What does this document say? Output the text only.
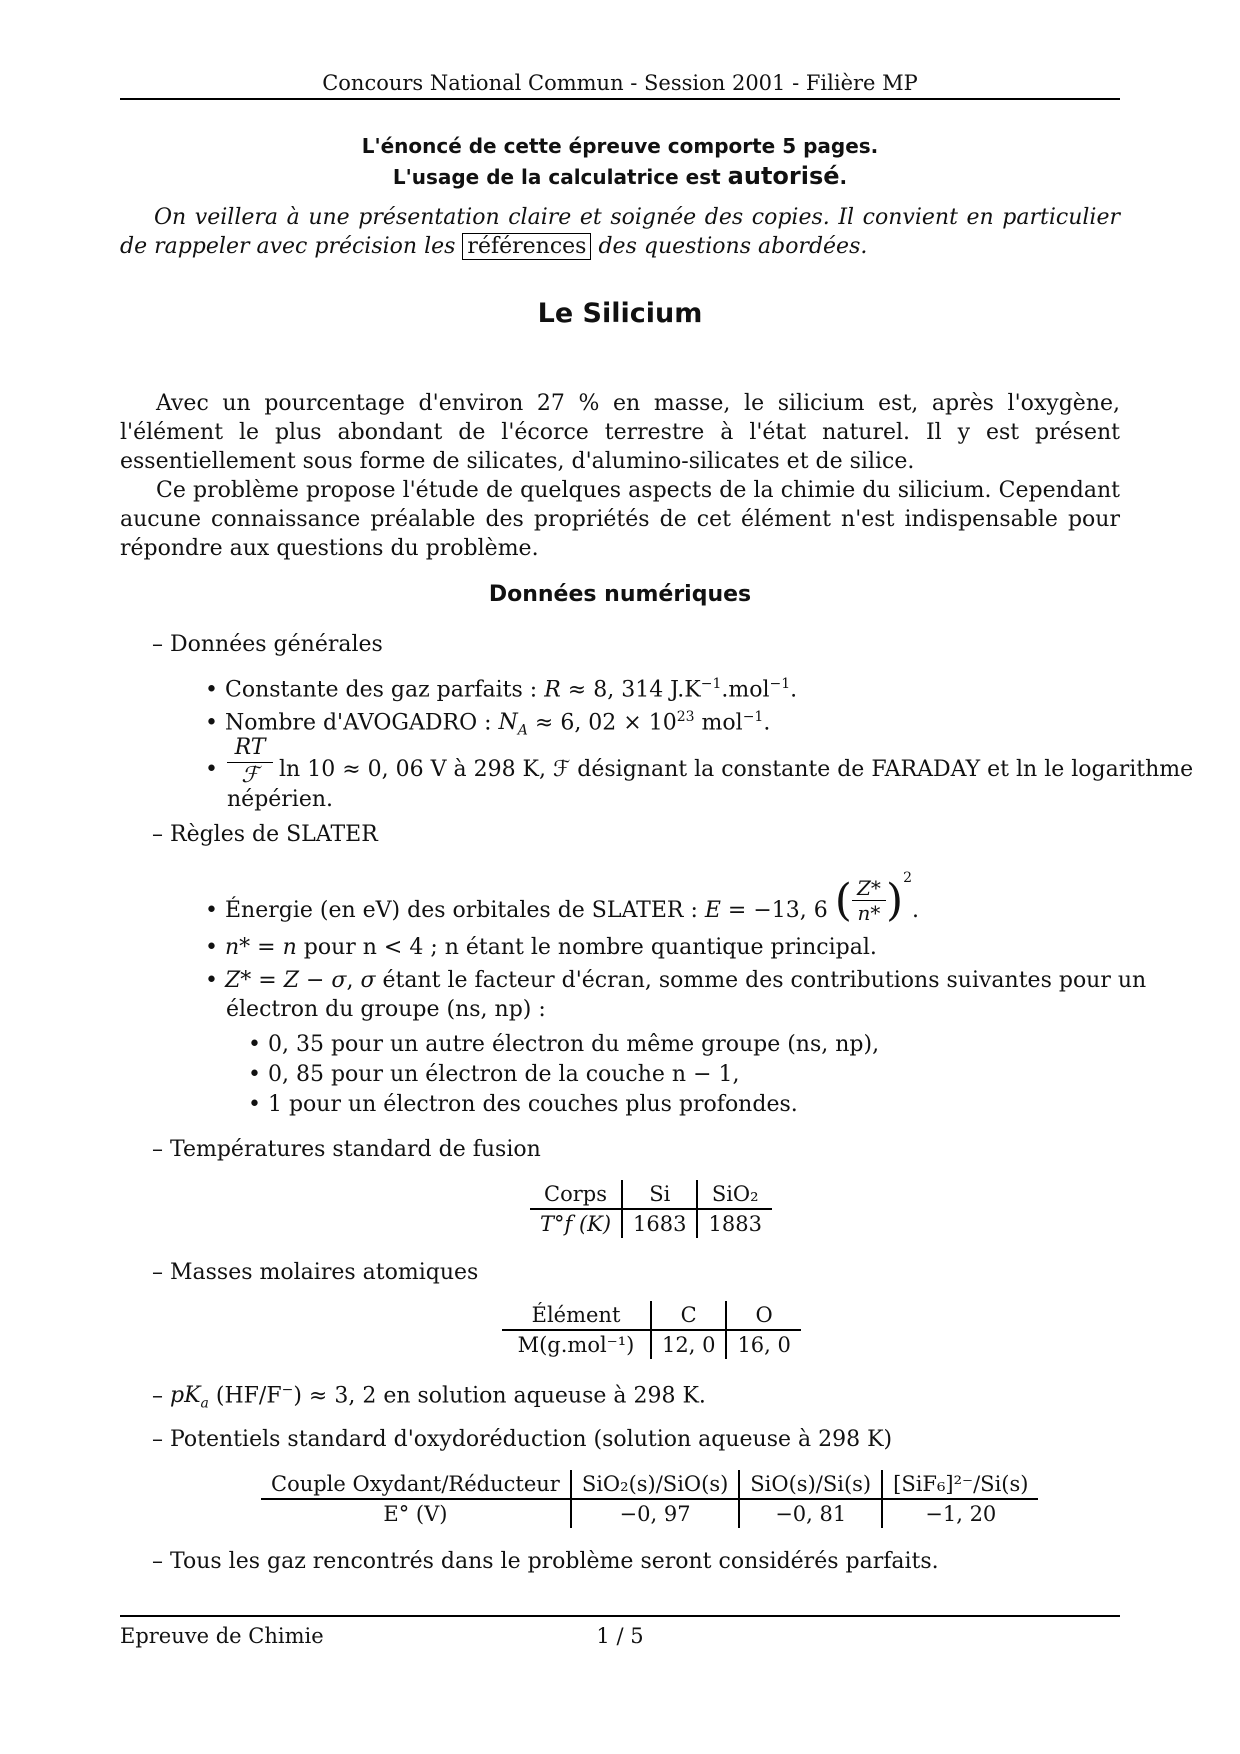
Concours National Commun - Session 2001 - Filière MP
L'énoncé de cette épreuve comporte 5 pages.
L'usage de la calculatrice est autorisé.

On veillera à une présentation claire et soignée des copies. Il convient en particulier de rappeler avec précision les références des questions abordées.

Le Silicium

Avec un pourcentage d'environ 27 % en masse, le silicium est, après l'oxygène, l'élément le plus abondant de l'écorce terrestre à l'état naturel. Il y est présent essentiellement sous forme de silicates, d'alumino-silicates et de silice.

Ce problème propose l'étude de quelques aspects de la chimie du silicium. Cependant aucune connaissance préalable des propriétés de cet élément n'est indispensable pour répondre aux questions du problème.

Données numériques
– Données générales
• Constante des gaz parfaits : R ≈ 8, 314 $J.K^{-1}.mol^{-1}$.
• Nombre d'AVOGADRO : $N_A \approx 6$, $02 \times 10^{23}$ mol$^{-1}$.
•
RT
ℱ ln 10 ≈ 0, 06 V à 298 K, ℱ désignant la constante de FARADAY et ln le logarithme
népérien.
– Règles de SLATER
• Énergie (en eV) des orbitales de SLATER : E = −13, 6 $(\frac{Z*}{n*} )^2$.
• n* = n pour n < 4 ; n étant le nombre quantique principal.
• Z* = Z − σ, σ étant le facteur d'écran, somme des contributions suivantes pour un
électron du groupe (ns, np) :
• 0, 35 pour un autre électron du même groupe (ns, np),
• 0, 85 pour un électron de la couche n − 1,
• 1 pour un électron des couches plus profondes.
– Températures standard de fusion
Corps	Si	SiO₂
T°f (K)	1683	1883
– Masses molaires atomiques
Élément	C	O
M(g.mol⁻¹)	12, 0	16, 0
– $pK_a$ (HF/F−) ≈ 3, 2 en solution aqueuse à 298 K.
– Potentiels standard d'oxydoréduction (solution aqueuse à 298 K)
Couple Oxydant/Réducteur	SiO₂(s)/SiO(s)	SiO(s)/Si(s)	[SiF₆]²⁻/Si(s)
E° (V)	−0, 97	−0, 81	−1, 20
– Tous les gaz rencontrés dans le problème seront considérés parfaits.
Epreuve de Chimie	1 / 5
